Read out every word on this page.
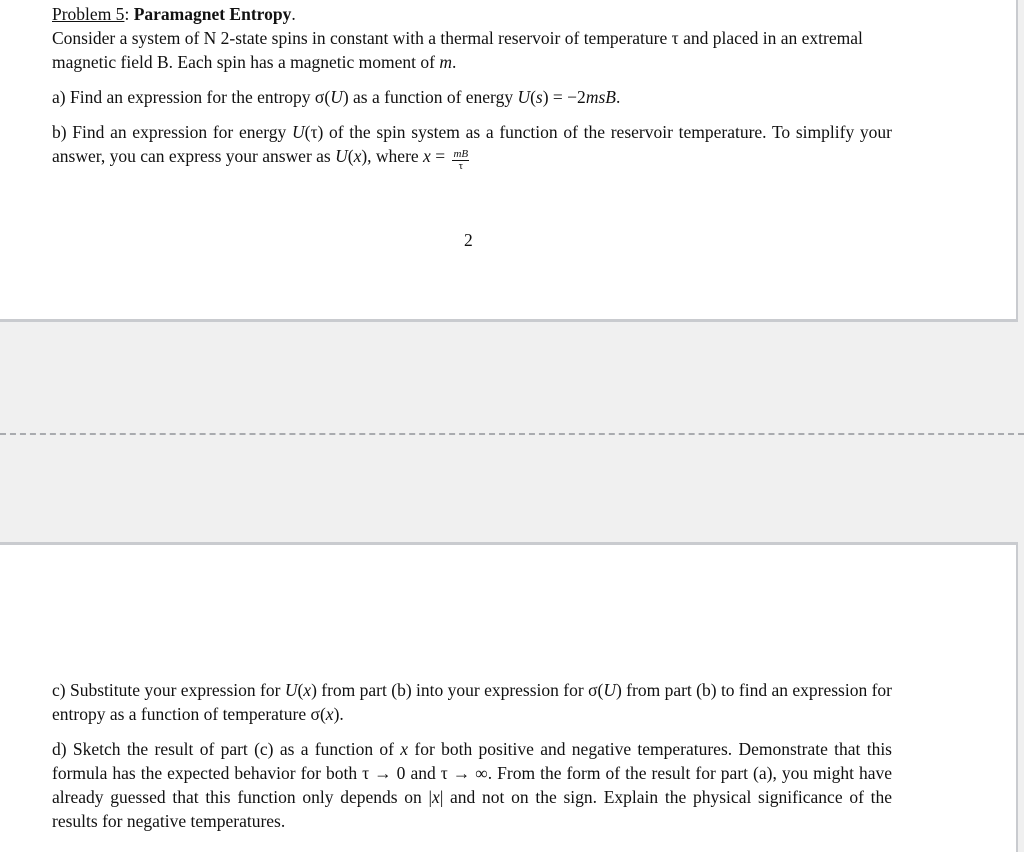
Problem 5: Paramagnet Entropy.

Consider a system of N 2-state spins in constant with a thermal reservoir of temperature τ and placed in an extremal magnetic field B. Each spin has a magnetic moment of m.

a) Find an expression for the entropy σ(U) as a function of energy U(s) = −2msB.

b) Find an expression for energy U(τ) of the spin system as a function of the reservoir temperature. To simplify your answer, you can express your answer as U(x), where $x = \frac{mB}{\tau}$

2

c) Substitute your expression for U(x) from part (b) into your expression for σ(U) from part (b) to find an expression for entropy as a function of temperature σ(x).

d) Sketch the result of part (c) as a function of x for both positive and negative temperatures. Demonstrate that this formula has the expected behavior for both τ → 0 and τ → ∞. From the form of the result for part (a), you might have already guessed that this function only depends on |x| and not on the sign. Explain the physical significance of the results for negative temperatures.
